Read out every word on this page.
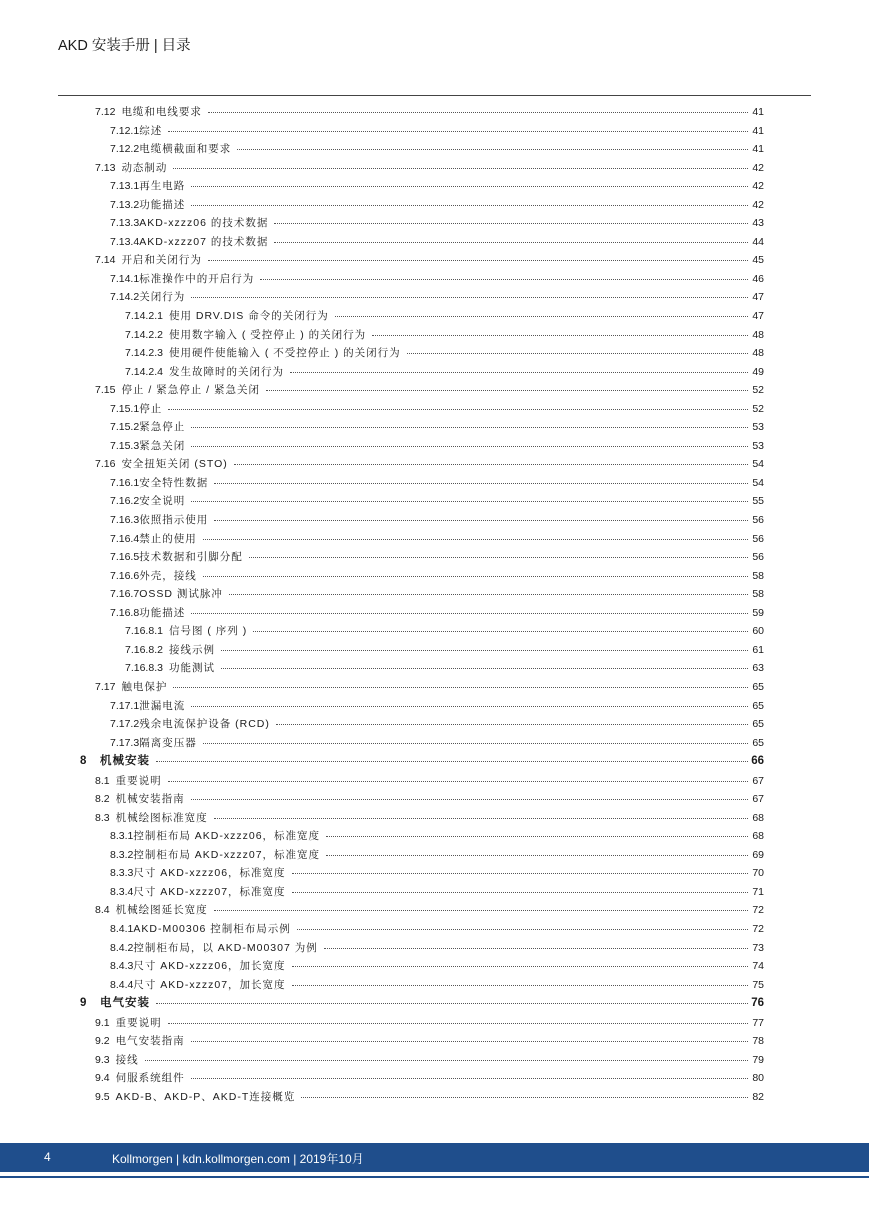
AKD 安装手册 | 目录
7.12 电缆和电线要求	41
7.12.1 综述	41
7.12.2 电缆横截面和要求	41
7.13 动态制动	42
7.13.1 再生电路	42
7.13.2 功能描述	42
7.13.3 AKD-xzzz06 的技术数据	43
7.13.4 AKD-xzzz07 的技术数据	44
7.14 开启和关闭行为	45
7.14.1 标准操作中的开启行为	46
7.14.2 关闭行为	47
7.14.2.1 使用 DRV.DIS 命令的关闭行为	47
7.14.2.2 使用数字输入 ( 受控停止 ) 的关闭行为	48
7.14.2.3 使用硬件使能输入 ( 不受控停止 ) 的关闭行为	48
7.14.2.4 发生故障时的关闭行为	49
7.15 停止 / 紧急停止 / 紧急关闭	52
7.15.1 停止	52
7.15.2 紧急停止	53
7.15.3 紧急关闭	53
7.16 安全扭矩关闭 (STO)	54
7.16.1 安全特性数据	54
7.16.2 安全说明	55
7.16.3 依照指示使用	56
7.16.4 禁止的使用	56
7.16.5 技术数据和引脚分配	56
7.16.6 外壳，接线	58
7.16.7 OSSD 测试脉冲	58
7.16.8 功能描述	59
7.16.8.1 信号图 ( 序列 )	60
7.16.8.2 接线示例	61
7.16.8.3 功能测试	63
7.17 触电保护	65
7.17.1 泄漏电流	65
7.17.2 残余电流保护设备 (RCD)	65
7.17.3 隔离变压器	65
8	机械安装	66
8.1 重要说明	67
8.2 机械安装指南	67
8.3 机械绘图标准宽度	68
8.3.1 控制柜布局 AKD-xzzz06，标准宽度	68
8.3.2 控制柜布局 AKD-xzzz07，标准宽度	69
8.3.3 尺寸 AKD-xzzz06，标准宽度	70
8.3.4 尺寸 AKD-xzzz07，标准宽度	71
8.4 机械绘图延长宽度	72
8.4.1 AKD-M00306 控制柜布局示例	72
8.4.2 控制柜布局，以 AKD-M00307 为例	73
8.4.3 尺寸 AKD-xzzz06，加长宽度	74
8.4.4 尺寸 AKD-xzzz07，加长宽度	75
9	电气安装	76
9.1 重要说明	77
9.2 电气安装指南	78
9.3 接线	79
9.4 伺服系统组件	80
9.5 AKD-B、AKD-P、AKD-T连接概览	82
4	Kollmorgen | kdn.kollmorgen.com | 2019年10月
